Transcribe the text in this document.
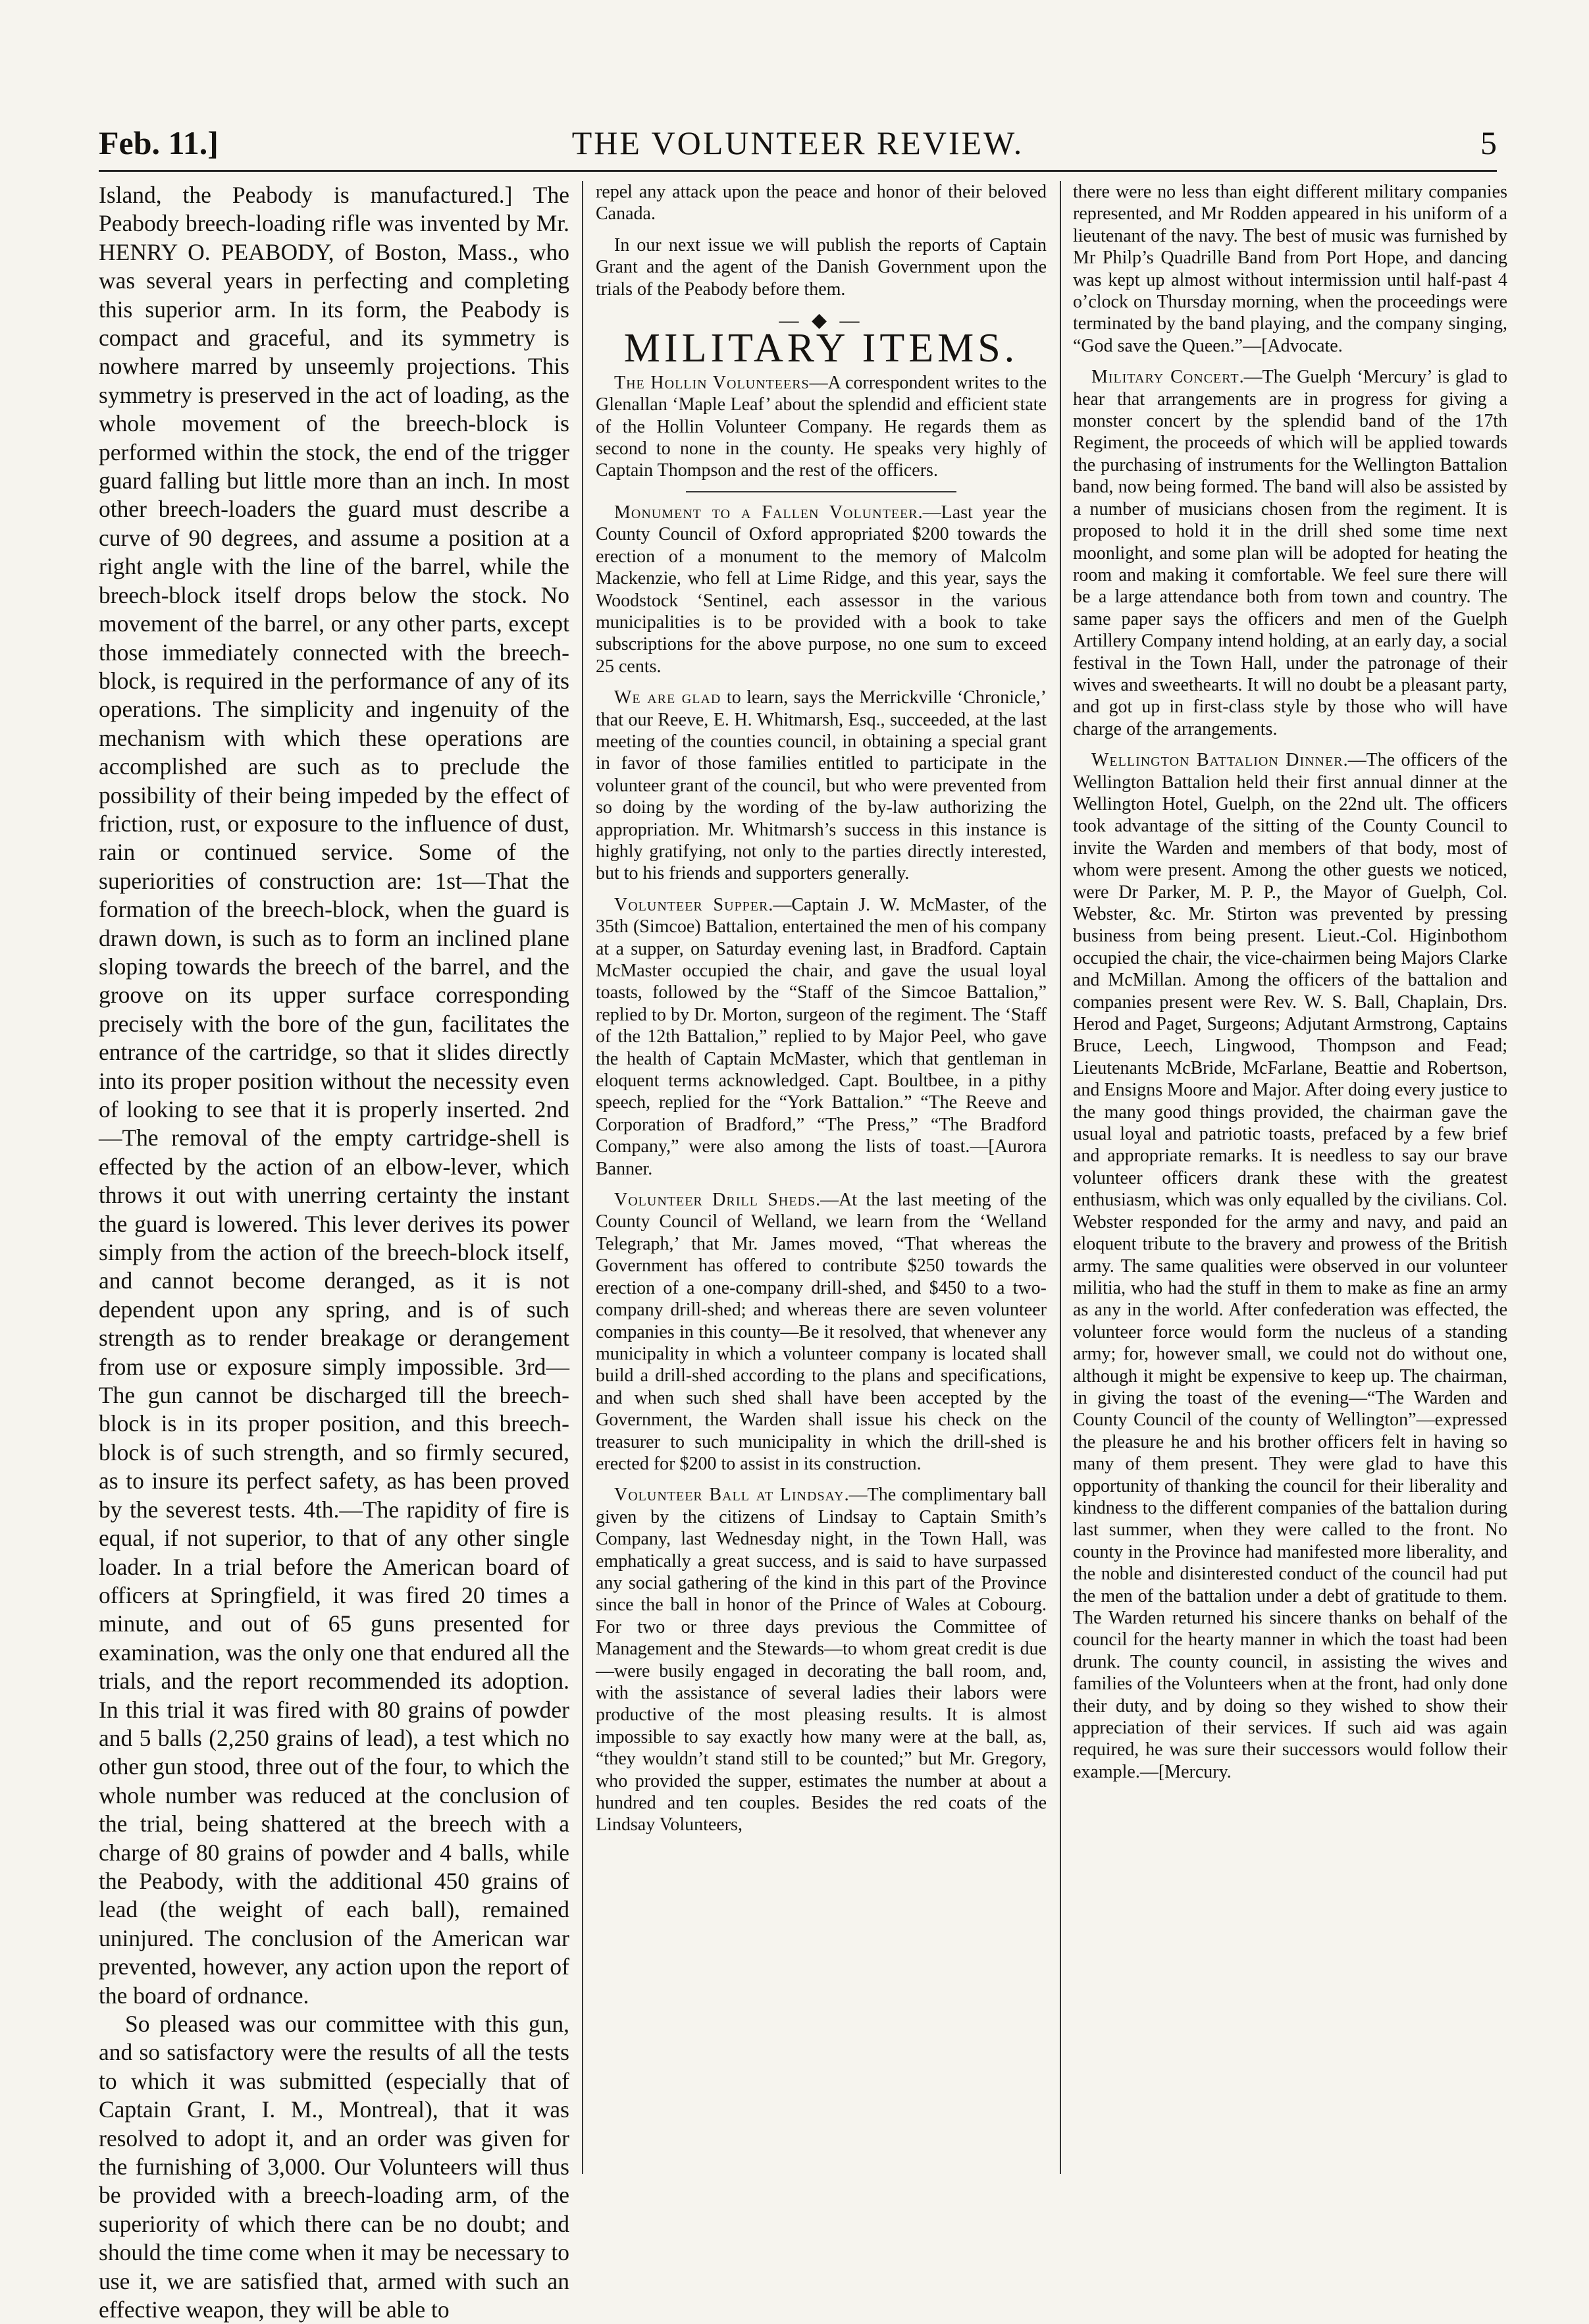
Feb. 11.]	THE VOLUNTEER REVIEW.	5

Island, the Peabody is manufactured.] The Peabody breech-loading rifle was invented by Mr. HENRY O. PEABODY, of Boston, Mass., who was several years in perfecting and completing this superior arm. In its form, the Peabody is compact and graceful, and its symmetry is nowhere marred by unseemly projections. This symmetry is preserved in the act of loading, as the whole movement of the breech-block is performed within the stock, the end of the trigger guard falling but little more than an inch. In most other breech-loaders the guard must describe a curve of 90 degrees, and assume a position at a right angle with the line of the barrel, while the breech-block itself drops below the stock. No movement of the barrel, or any other parts, except those immediately connected with the breech-block, is required in the performance of any of its operations. The simplicity and ingenuity of the mechanism with which these operations are accomplished are such as to preclude the possibility of their being impeded by the effect of friction, rust, or exposure to the influence of dust, rain or continued service. Some of the superiorities of construction are: 1st—That the formation of the breech-block, when the guard is drawn down, is such as to form an inclined plane sloping towards the breech of the barrel, and the groove on its upper surface corresponding precisely with the bore of the gun, facilitates the entrance of the cartridge, so that it slides directly into its proper position without the necessity even of looking to see that it is properly inserted. 2nd—The removal of the empty cartridge-shell is effected by the action of an elbow-lever, which throws it out with unerring certainty the instant the guard is lowered. This lever derives its power simply from the action of the breech-block itself, and cannot become deranged, as it is not dependent upon any spring, and is of such strength as to render breakage or derangement from use or exposure simply impossible. 3rd—The gun cannot be discharged till the breech-block is in its proper position, and this breech-block is of such strength, and so firmly secured, as to insure its perfect safety, as has been proved by the severest tests. 4th.—The rapidity of fire is equal, if not superior, to that of any other single loader. In a trial before the American board of officers at Springfield, it was fired 20 times a minute, and out of 65 guns presented for examination, was the only one that endured all the trials, and the report recommended its adoption. In this trial it was fired with 80 grains of powder and 5 balls (2,250 grains of lead), a test which no other gun stood, three out of the four, to which the whole number was reduced at the conclusion of the trial, being shattered at the breech with a charge of 80 grains of powder and 4 balls, while the Peabody, with the additional 450 grains of lead (the weight of each ball), remained uninjured. The conclusion of the American war prevented, however, any action upon the report of the board of ordnance.

So pleased was our committee with this gun, and so satisfactory were the results of all the tests to which it was submitted (especially that of Captain Grant, I. M., Montreal), that it was resolved to adopt it, and an order was given for the furnishing of 3,000. Our Volunteers will thus be provided with a breech-loading arm, of the superiority of which there can be no doubt; and should the time come when it may be necessary to use it, we are satisfied that, armed with such an effective weapon, they will be able to

repel any attack upon the peace and honor of their beloved Canada.

In our next issue we will publish the reports of Captain Grant and the agent of the Danish Government upon the trials of the Peabody before them.

— ◆ —
MILITARY ITEMS.

The Hollin Volunteers—A correspondent writes to the Glenallan ‘Maple Leaf’ about the splendid and efficient state of the Hollin Volunteer Company. He regards them as second to none in the county. He speaks very highly of Captain Thompson and the rest of the officers.

Monument to a Fallen Volunteer.—Last year the County Council of Oxford appropriated $200 towards the erection of a monument to the memory of Malcolm Mackenzie, who fell at Lime Ridge, and this year, says the Woodstock ‘Sentinel, each assessor in the various municipalities is to be provided with a book to take subscriptions for the above purpose, no one sum to exceed 25 cents.

We are glad to learn, says the Merrickville ‘Chronicle,’ that our Reeve, E. H. Whitmarsh, Esq., succeeded, at the last meeting of the counties council, in obtaining a special grant in favor of those families entitled to participate in the volunteer grant of the council, but who were prevented from so doing by the wording of the by-law authorizing the appropriation. Mr. Whitmarsh’s success in this instance is highly gratifying, not only to the parties directly interested, but to his friends and supporters generally.

Volunteer Supper.—Captain J. W. McMaster, of the 35th (Simcoe) Battalion, entertained the men of his company at a supper, on Saturday evening last, in Bradford. Captain McMaster occupied the chair, and gave the usual loyal toasts, followed by the “Staff of the Simcoe Battalion,” replied to by Dr. Morton, surgeon of the regiment. The ‘Staff of the 12th Battalion,” replied to by Major Peel, who gave the health of Captain McMaster, which that gentleman in eloquent terms acknowledged. Capt. Boultbee, in a pithy speech, replied for the “York Battalion.” “The Reeve and Corporation of Bradford,” “The Press,” “The Bradford Company,” were also among the lists of toast.—[Aurora Banner.

Volunteer Drill Sheds.—At the last meeting of the County Council of Welland, we learn from the ‘Welland Telegraph,’ that Mr. James moved, “That whereas the Government has offered to contribute $250 towards the erection of a one-company drill-shed, and $450 to a two-company drill-shed; and whereas there are seven volunteer companies in this county—Be it resolved, that whenever any municipality in which a volunteer company is located shall build a drill-shed according to the plans and specifications, and when such shed shall have been accepted by the Government, the Warden shall issue his check on the treasurer to such municipality in which the drill-shed is erected for $200 to assist in its construction.

Volunteer Ball at Lindsay.—The complimentary ball given by the citizens of Lindsay to Captain Smith’s Company, last Wednesday night, in the Town Hall, was emphatically a great success, and is said to have surpassed any social gathering of the kind in this part of the Province since the ball in honor of the Prince of Wales at Cobourg. For two or three days previous the Committee of Management and the Stewards—to whom great credit is due—were busily engaged in decorating the ball room, and, with the assistance of several ladies their labors were productive of the most pleasing results. It is almost impossible to say exactly how many were at the ball, as, “they wouldn’t stand still to be counted;” but Mr. Gregory, who provided the supper, estimates the number at about a hundred and ten couples. Besides the red coats of the Lindsay Volunteers,

there were no less than eight different military companies represented, and Mr Rodden appeared in his uniform of a lieutenant of the navy. The best of music was furnished by Mr Philp’s Quadrille Band from Port Hope, and dancing was kept up almost without intermission until half-past 4 o’clock on Thursday morning, when the proceedings were terminated by the band playing, and the company singing, “God save the Queen.”—[Advocate.

Military Concert.—The Guelph ‘Mercury’ is glad to hear that arrangements are in progress for giving a monster concert by the splendid band of the 17th Regiment, the proceeds of which will be applied towards the purchasing of instruments for the Wellington Battalion band, now being formed. The band will also be assisted by a number of musicians chosen from the regiment. It is proposed to hold it in the drill shed some time next moonlight, and some plan will be adopted for heating the room and making it comfortable. We feel sure there will be a large attendance both from town and country. The same paper says the officers and men of the Guelph Artillery Company intend holding, at an early day, a social festival in the Town Hall, under the patronage of their wives and sweethearts. It will no doubt be a pleasant party, and got up in first-class style by those who will have charge of the arrangements.

Wellington Battalion Dinner.—The officers of the Wellington Battalion held their first annual dinner at the Wellington Hotel, Guelph, on the 22nd ult. The officers took advantage of the sitting of the County Council to invite the Warden and members of that body, most of whom were present. Among the other guests we noticed, were Dr Parker, M. P. P., the Mayor of Guelph, Col. Webster, &c. Mr. Stirton was prevented by pressing business from being present. Lieut.-Col. Higinbothom occupied the chair, the vice-chairmen being Majors Clarke and McMillan. Among the officers of the battalion and companies present were Rev. W. S. Ball, Chaplain, Drs. Herod and Paget, Surgeons; Adjutant Armstrong, Captains Bruce, Leech, Lingwood, Thompson and Fead; Lieutenants McBride, McFarlane, Beattie and Robertson, and Ensigns Moore and Major. After doing every justice to the many good things provided, the chairman gave the usual loyal and patriotic toasts, prefaced by a few brief and appropriate remarks. It is needless to say our brave volunteer officers drank these with the greatest enthusiasm, which was only equalled by the civilians. Col. Webster responded for the army and navy, and paid an eloquent tribute to the bravery and prowess of the British army. The same qualities were observed in our volunteer militia, who had the stuff in them to make as fine an army as any in the world. After confederation was effected, the volunteer force would form the nucleus of a standing army; for, however small, we could not do without one, although it might be expensive to keep up. The chairman, in giving the toast of the evening—“The Warden and County Council of the county of Wellington”—expressed the pleasure he and his brother officers felt in having so many of them present. They were glad to have this opportunity of thanking the council for their liberality and kindness to the different companies of the battalion during last summer, when they were called to the front. No county in the Province had manifested more liberality, and the noble and disinterested conduct of the council had put the men of the battalion under a debt of gratitude to them. The Warden returned his sincere thanks on behalf of the council for the hearty manner in which the toast had been drunk. The county council, in assisting the wives and families of the Volunteers when at the front, had only done their duty, and by doing so they wished to show their appreciation of their services. If such aid was again required, he was sure their successors would follow their example.—[Mercury.
